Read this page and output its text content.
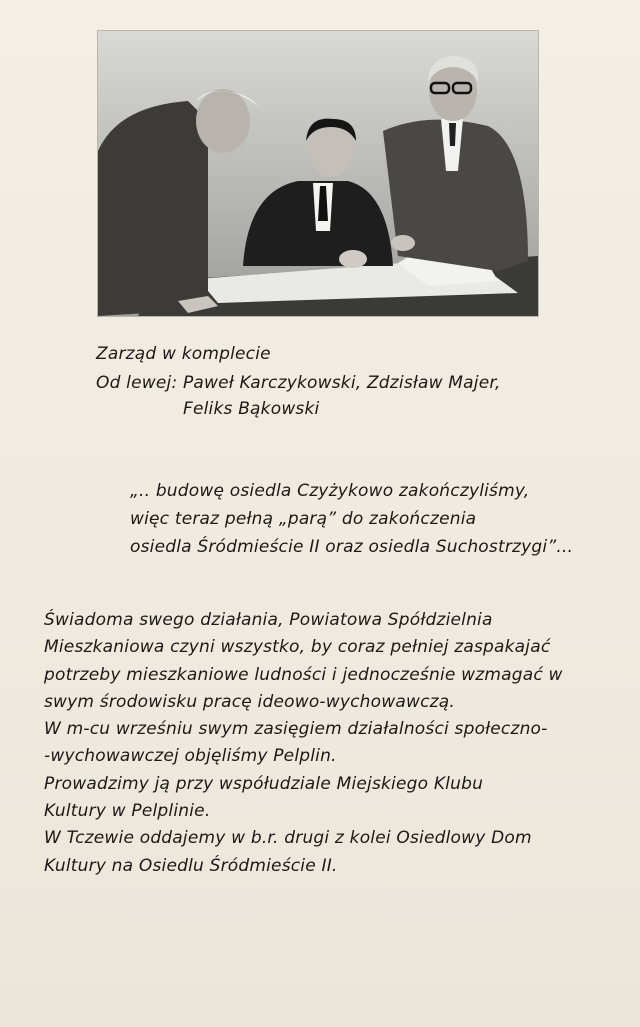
Zarząd w komplecie
Od lewej: Paweł Karczykowski, Zdzisław Majer,
Feliks Bąkowski
„.. budowę osiedla Czyżykowo zakończyliśmy,
więc teraz pełną „parą” do zakończenia
osiedla Śródmieście II oraz osiedla Suchostrzygi”...
Świadoma swego działania, Powiatowa Spółdzielnia
Mieszkaniowa czyni wszystko, by coraz pełniej zaspakajać
potrzeby mieszkaniowe ludności i jednocześnie wzmagać w
swym środowisku pracę ideowo-wychowawczą.
W m-cu wrześniu swym zasięgiem działalności społeczno-
-wychowawczej objęliśmy Pelplin.
Prowadzimy ją przy współudziale Miejskiego Klubu
Kultury w Pelplinie.
W Tczewie oddajemy w b.r. drugi z kolei Osiedlowy Dom
Kultury na Osiedlu Śródmieście II.
